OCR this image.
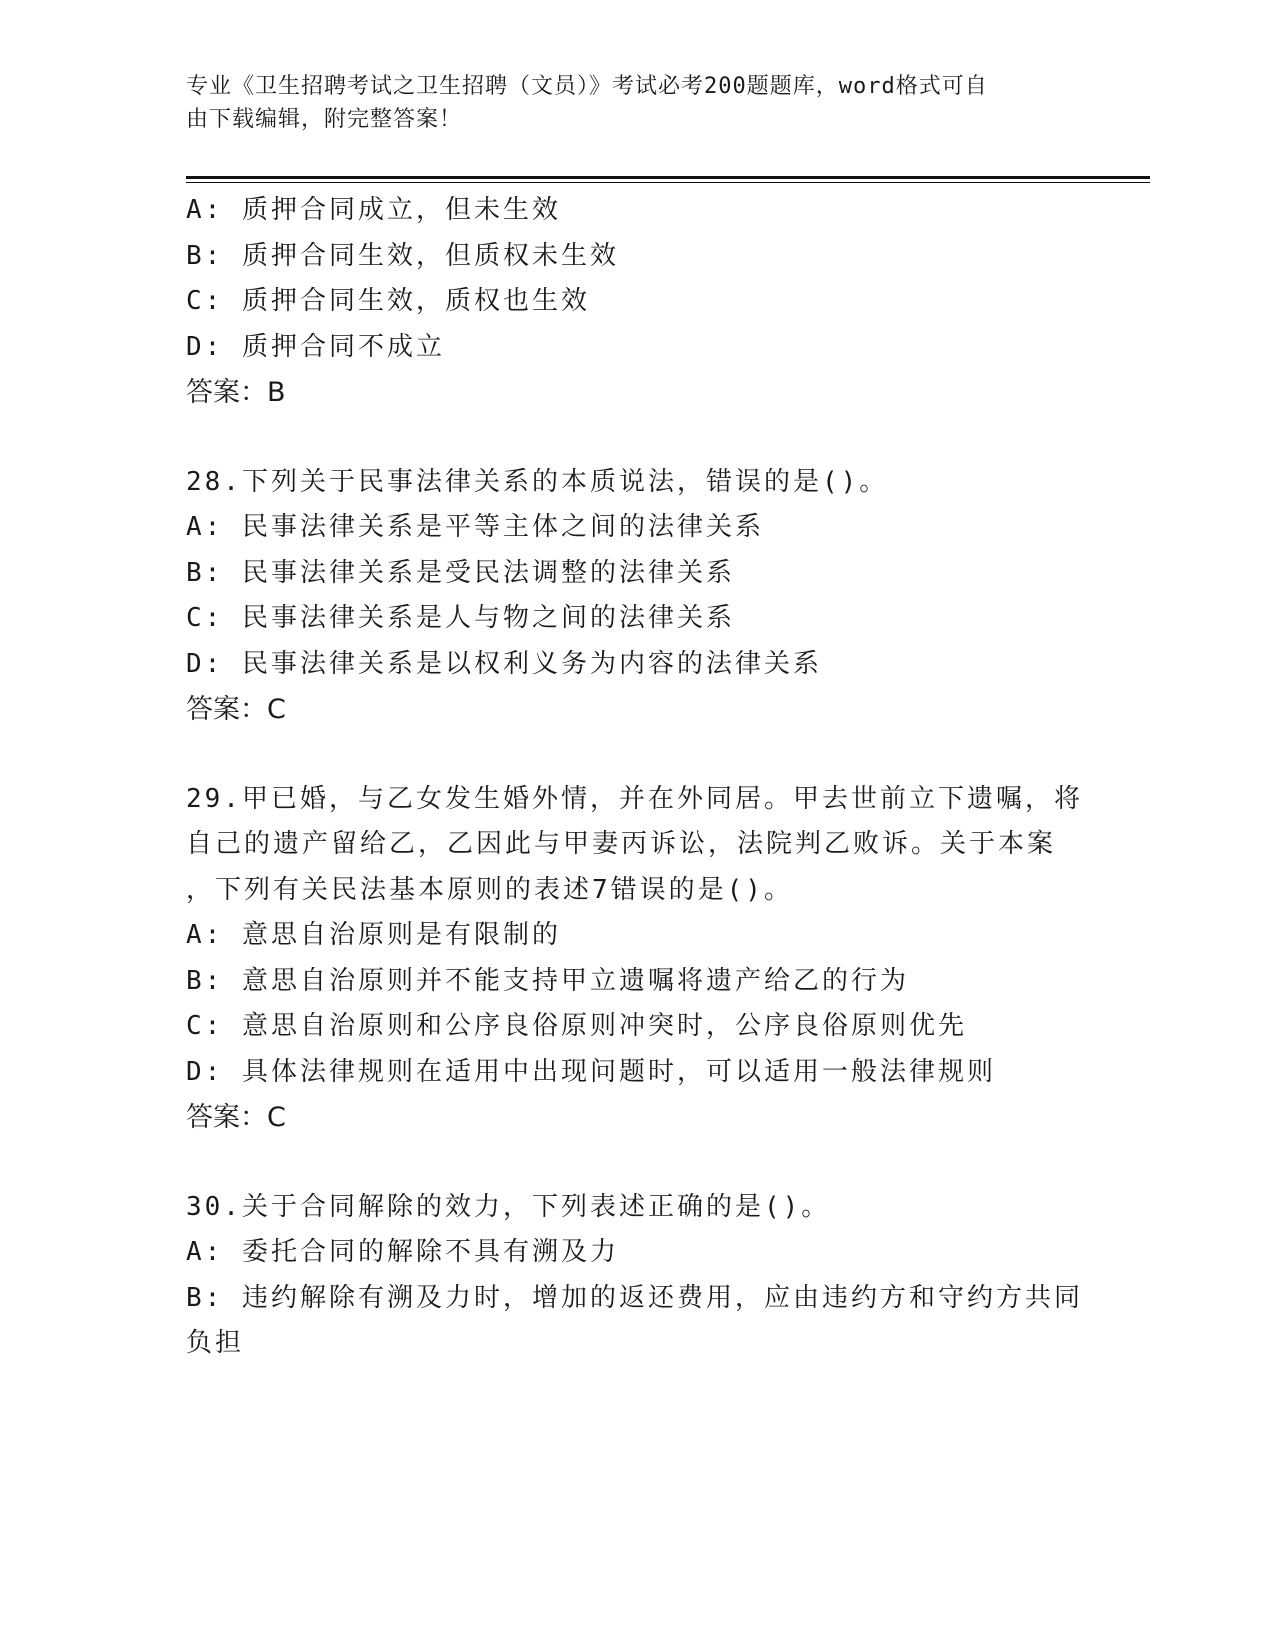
专业《卫生招聘考试之卫生招聘（文员）》考试必考200题题库，word格式可自
由下载编辑，附完整答案！
A: 质押合同成立，但未生效
B: 质押合同生效，但质权未生效
C: 质押合同生效，质权也生效
D: 质押合同不成立
答案：B
28.下列关于民事法律关系的本质说法，错误的是()。
A: 民事法律关系是平等主体之间的法律关系
B: 民事法律关系是受民法调整的法律关系
C: 民事法律关系是人与物之间的法律关系
D: 民事法律关系是以权利义务为内容的法律关系
答案：C
29.甲已婚，与乙女发生婚外情，并在外同居。甲去世前立下遗嘱，将
自己的遗产留给乙，乙因此与甲妻丙诉讼，法院判乙败诉。关于本案
，下列有关民法基本原则的表述7错误的是()。
A: 意思自治原则是有限制的
B: 意思自治原则并不能支持甲立遗嘱将遗产给乙的行为
C: 意思自治原则和公序良俗原则冲突时，公序良俗原则优先
D: 具体法律规则在适用中出现问题时，可以适用一般法律规则
答案：C
30.关于合同解除的效力，下列表述正确的是()。
A: 委托合同的解除不具有溯及力
B: 违约解除有溯及力时，增加的返还费用，应由违约方和守约方共同
负担
